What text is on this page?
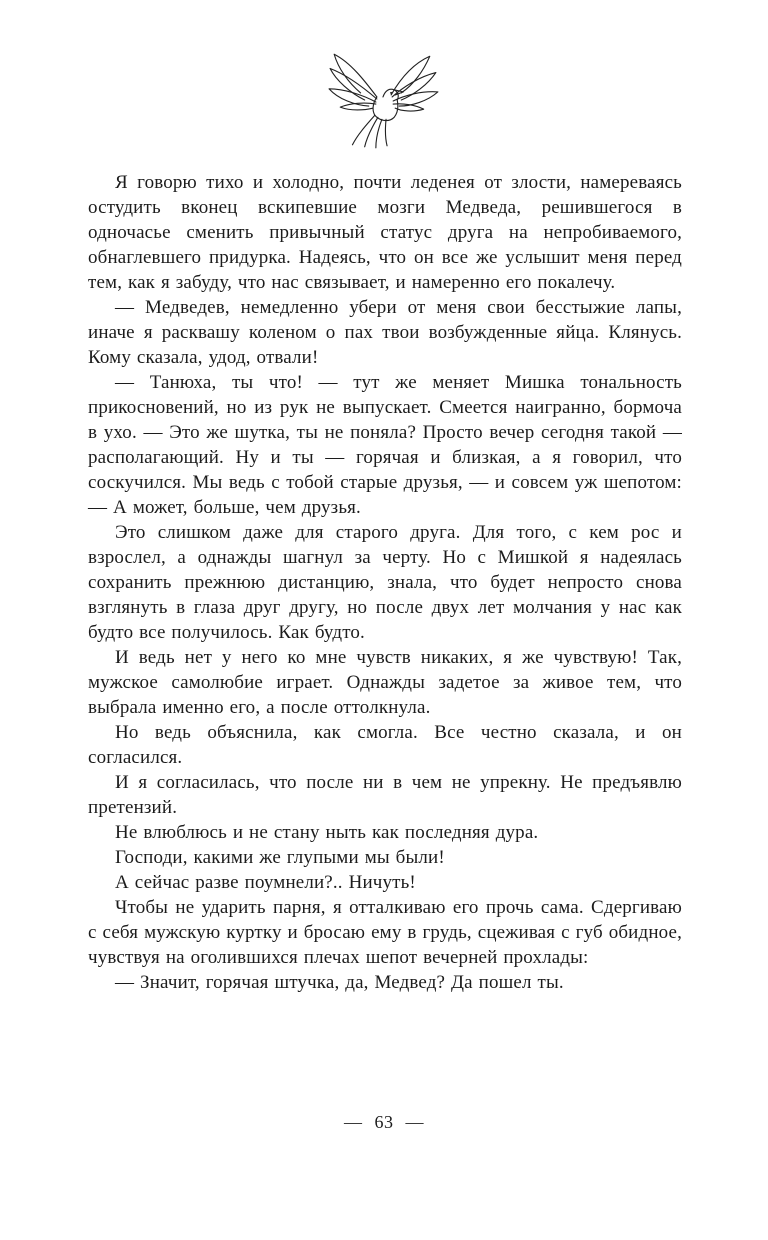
Я говорю тихо и холодно, почти леденея от злости, намереваясь остудить вконец вскипевшие мозги Медведа, решившегося в одночасье сменить привычный статус друга на непробиваемого, обнаглевшего придурка. Надеясь, что он все же услышит меня перед тем, как я забуду, что нас связывает, и намеренно его покалечу.

— Медведев, немедленно убери от меня свои бесстыжие лапы, иначе я расквашу коленом о пах твои возбужденные яйца. Клянусь. Кому сказала, удод, отвали!

— Танюха, ты что! — тут же меняет Мишка тональность прикосновений, но из рук не выпускает. Смеется наигранно, бормоча в ухо. — Это же шутка, ты не поняла? Просто вечер сегодня такой — располагающий. Ну и ты — горячая и близкая, а я говорил, что соскучился. Мы ведь с тобой старые друзья, — и совсем уж шепотом: — А может, больше, чем друзья.

Это слишком даже для старого друга. Для того, с кем рос и взрослел, а однажды шагнул за черту. Но с Мишкой я надеялась сохранить прежнюю дистанцию, знала, что будет непросто снова взглянуть в глаза друг другу, но после двух лет молчания у нас как будто все получилось. Как будто.

И ведь нет у него ко мне чувств никаких, я же чувствую! Так, мужское самолюбие играет. Однажды задетое за живое тем, что выбрала именно его, а после оттолкнула.

Но ведь объяснила, как смогла. Все честно сказала, и он согласился.

И я согласилась, что после ни в чем не упрекну. Не предъявлю претензий.

Не влюблюсь и не стану ныть как последняя дура.

Господи, какими же глупыми мы были!

А сейчас разве поумнели?.. Ничуть!

Чтобы не ударить парня, я отталкиваю его прочь сама. Сдергиваю с себя мужскую куртку и бросаю ему в грудь, сцеживая с губ обидное, чувствуя на оголившихся плечах шепот вечерней прохлады:

— Значит, горячая штучка, да, Медвед? Да пошел ты.

— 63 —
